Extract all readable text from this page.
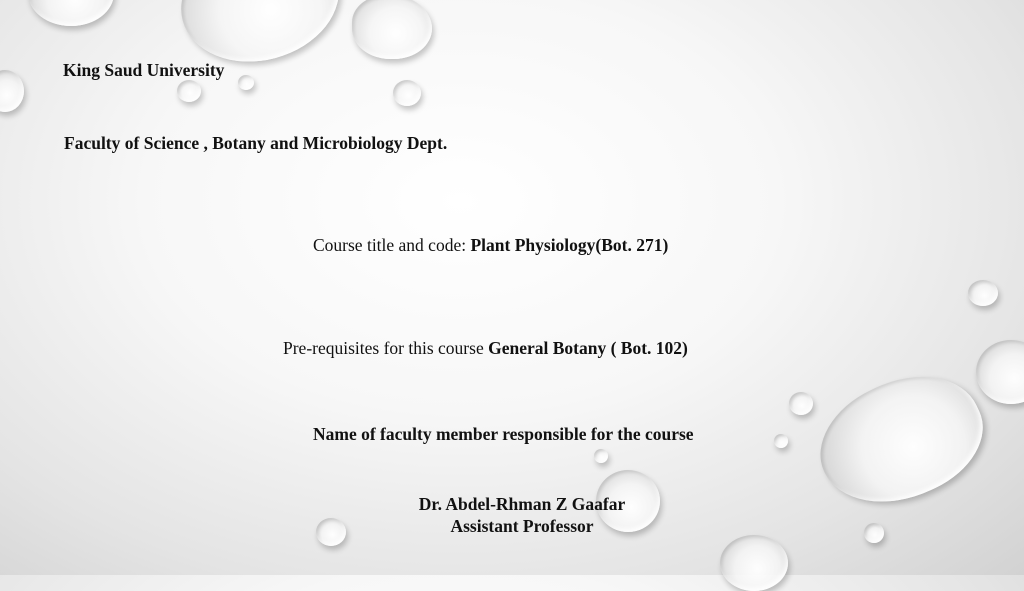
King Saud University
Faculty of Science , Botany and Microbiology Dept.
Course title and code: Plant Physiology(Bot. 271)
Pre-requisites for this course General Botany ( Bot. 102)
Name of faculty member responsible for the course
Dr. Abdel-Rhman Z Gaafar
Assistant Professor
